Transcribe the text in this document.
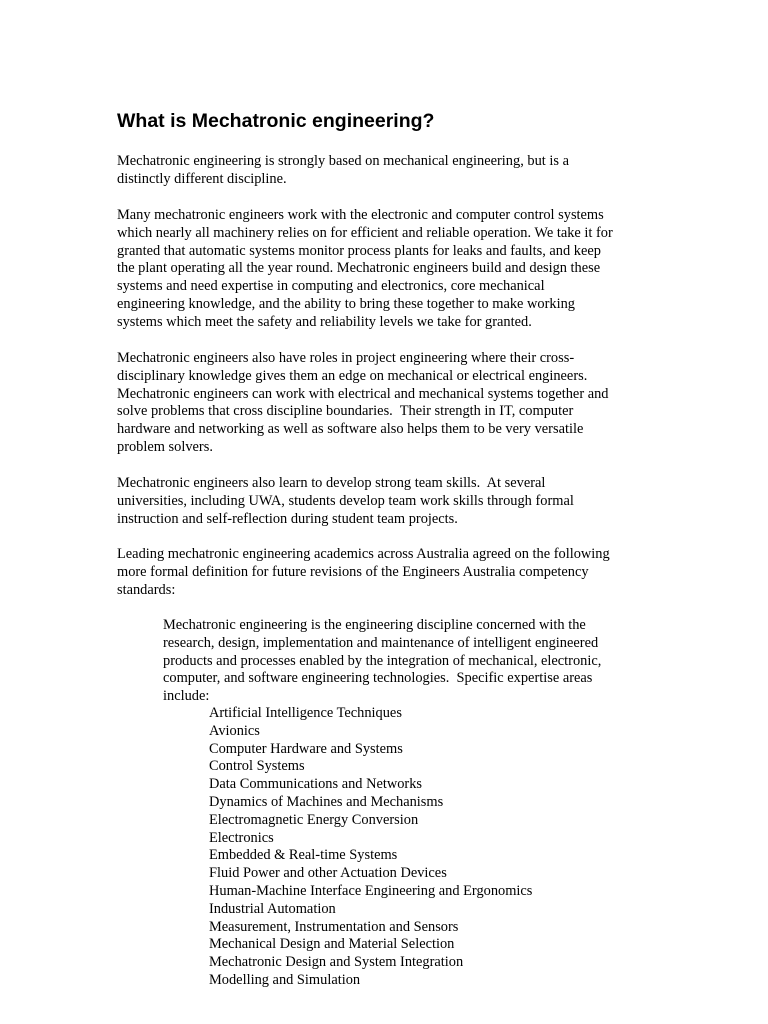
What is Mechatronic engineering?

Mechatronic engineering is strongly based on mechanical engineering, but is a
distinctly different discipline.

Many mechatronic engineers work with the electronic and computer control systems
which nearly all machinery relies on for efficient and reliable operation. We take it for
granted that automatic systems monitor process plants for leaks and faults, and keep
the plant operating all the year round. Mechatronic engineers build and design these
systems and need expertise in computing and electronics, core mechanical
engineering knowledge, and the ability to bring these together to make working
systems which meet the safety and reliability levels we take for granted.

Mechatronic engineers also have roles in project engineering where their cross-
disciplinary knowledge gives them an edge on mechanical or electrical engineers.
Mechatronic engineers can work with electrical and mechanical systems together and
solve problems that cross discipline boundaries.  Their strength in IT, computer
hardware and networking as well as software also helps them to be very versatile
problem solvers.

Mechatronic engineers also learn to develop strong team skills.  At several
universities, including UWA, students develop team work skills through formal
instruction and self-reflection during student team projects.

Leading mechatronic engineering academics across Australia agreed on the following
more formal definition for future revisions of the Engineers Australia competency
standards:

Mechatronic engineering is the engineering discipline concerned with the
research, design, implementation and maintenance of intelligent engineered
products and processes enabled by the integration of mechanical, electronic,
computer, and software engineering technologies.  Specific expertise areas
include:

Artificial Intelligence Techniques
Avionics
Computer Hardware and Systems
Control Systems
Data Communications and Networks
Dynamics of Machines and Mechanisms
Electromagnetic Energy Conversion
Electronics
Embedded & Real-time Systems
Fluid Power and other Actuation Devices
Human-Machine Interface Engineering and Ergonomics
Industrial Automation
Measurement, Instrumentation and Sensors
Mechanical Design and Material Selection
Mechatronic Design and System Integration
Modelling and Simulation
